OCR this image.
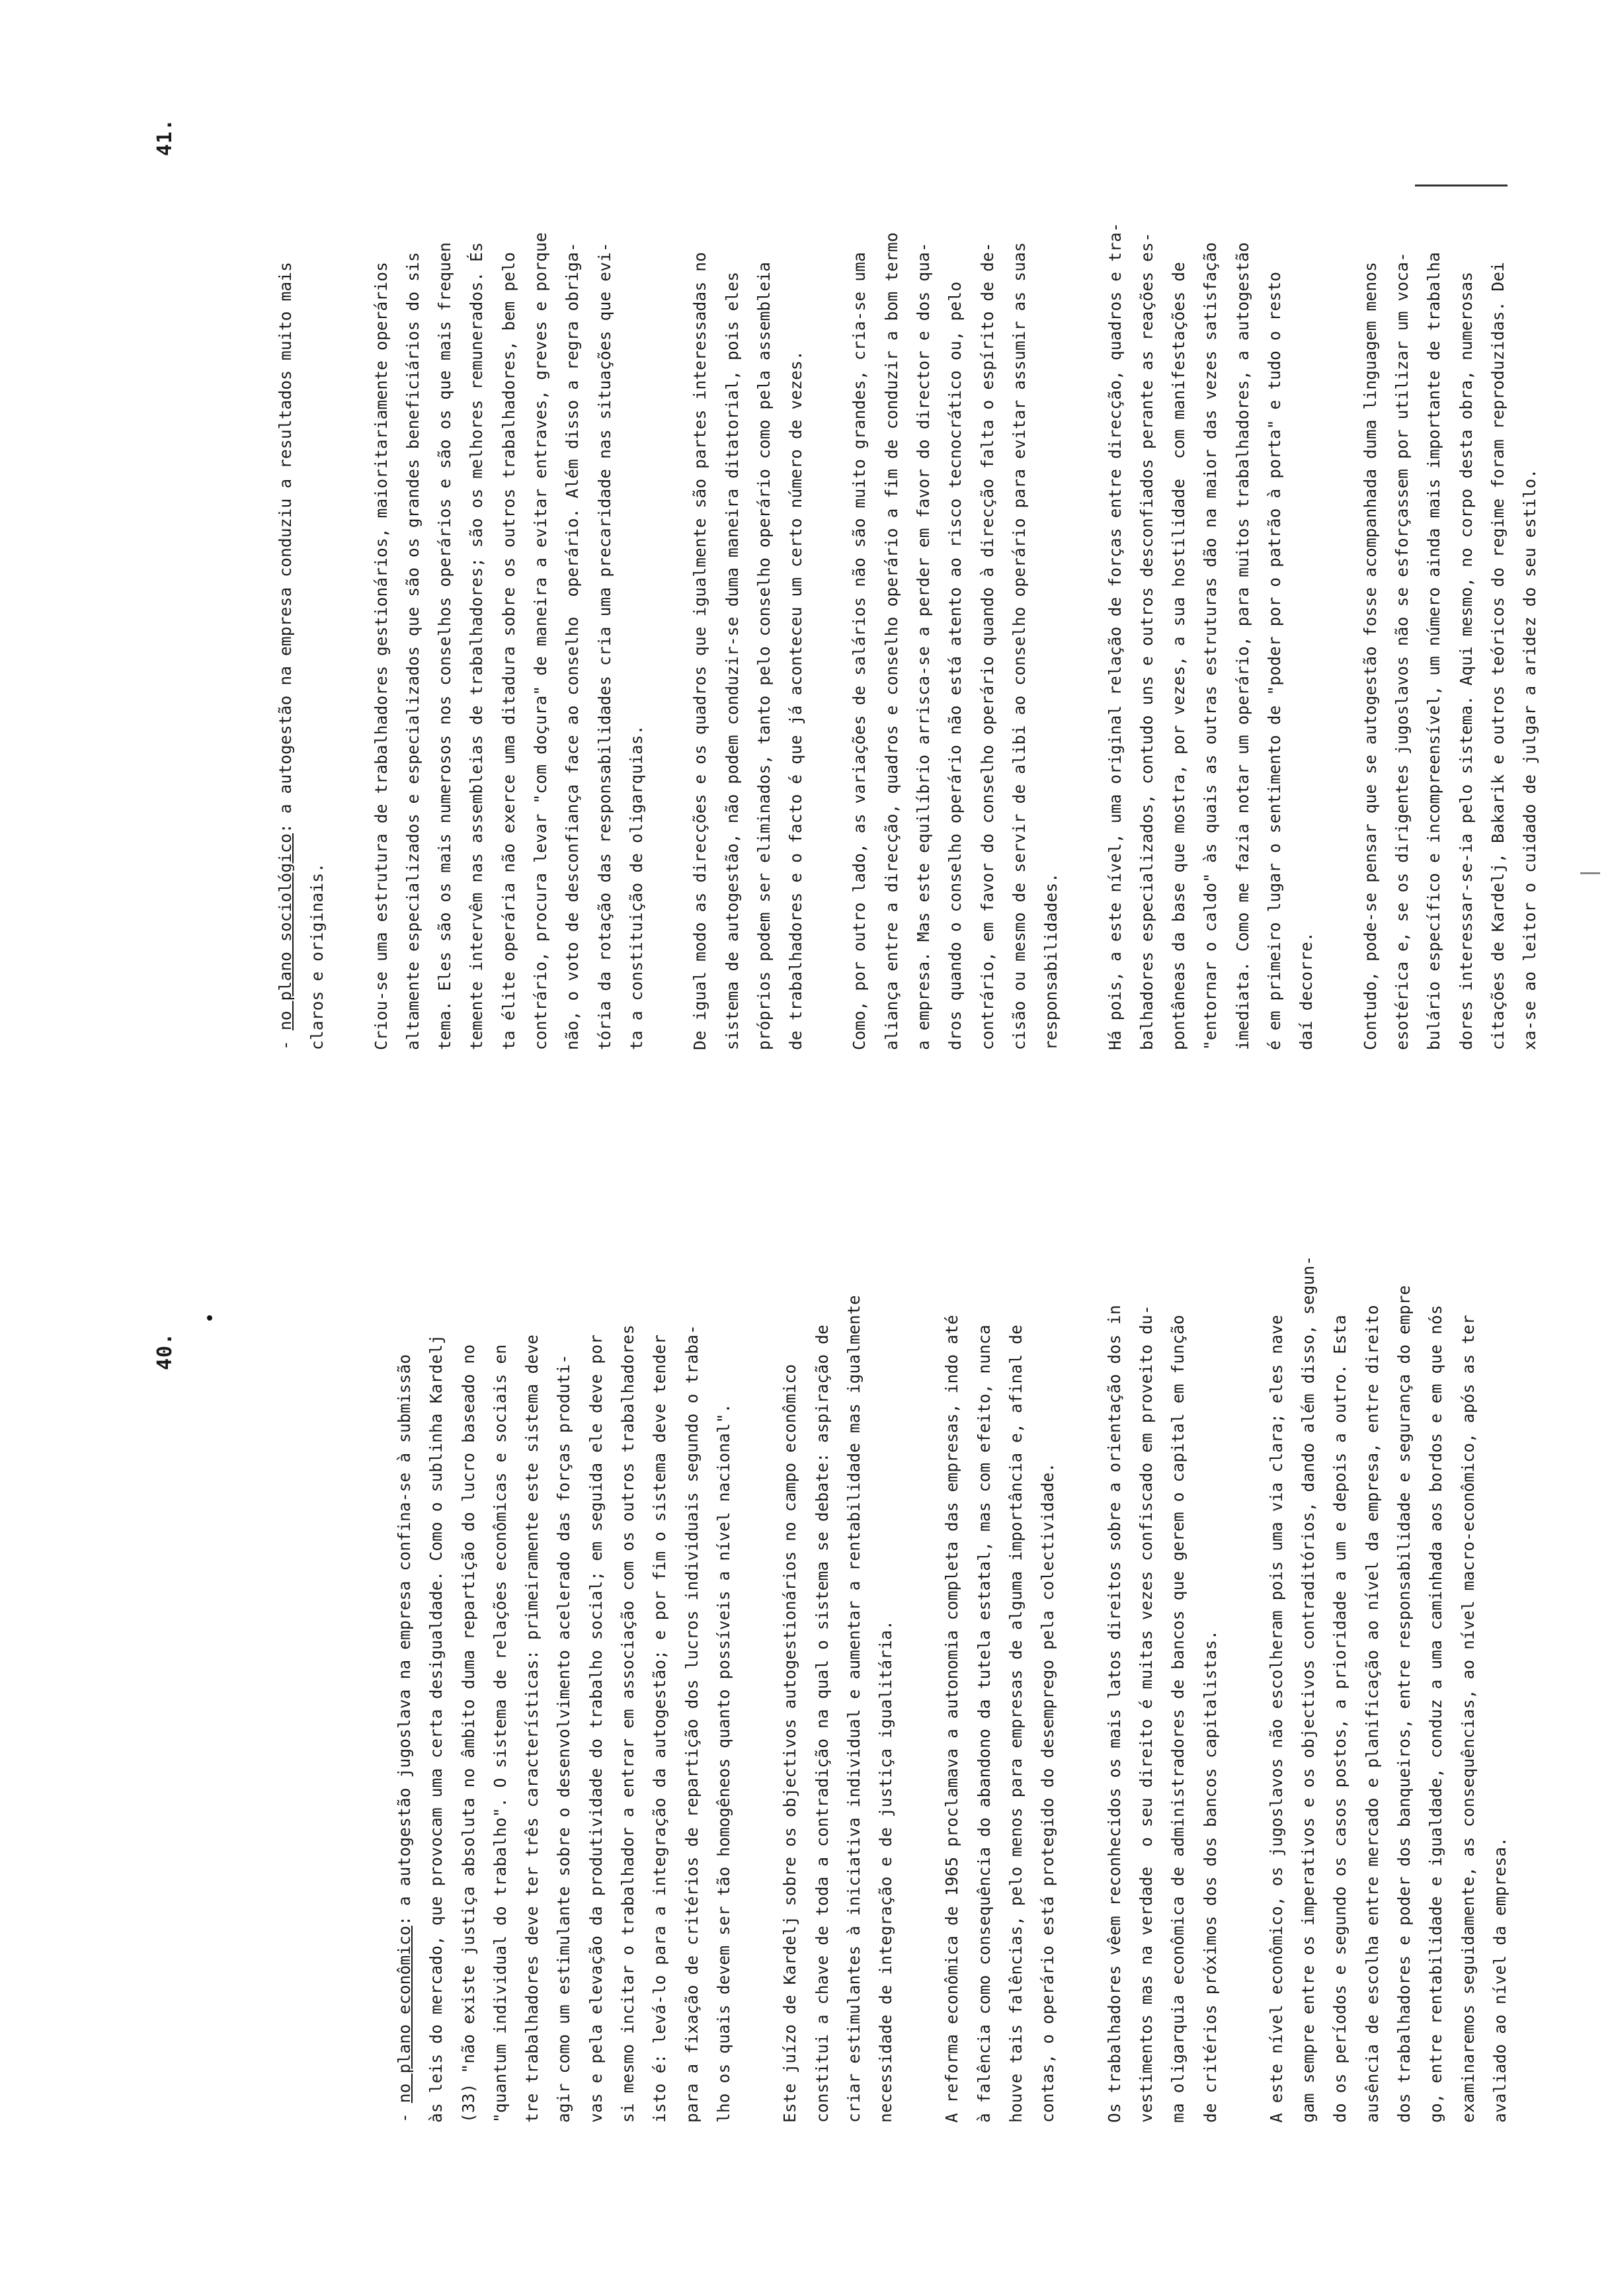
40.

- no plano econômico: a autogestão jugoslava na empresa confina-se à submissão às leis do mercado, que provocam uma certa desigualdade. Como o sublinha Kardelj (33) "não existe justiça absoluta no âmbito duma repartição do lucro baseado no "quantum individual do trabalho". O sistema de relações econômicas e sociais en tre trabalhadores deve ter três características: primeiramente este sistema deve agir como um estimulante sobre o desenvolvimento acelerado das forças produti- vas e pela elevação da produtividade do trabalho social; em seguida ele deve por si mesmo incitar o trabalhador a entrar em associação com os outros trabalhadores isto é: levá-lo para a integração da autogestão; e por fim o sistema deve tender para a fixação de critérios de repartição dos lucros individuais segundo o traba- lho os quais devem ser tão homogêneos quanto possíveis a nível nacional".	Este juízo de Kardelj sobre os objectivos autogestionários no campo econômico constitui a chave de toda a contradição na qual o sistema se debate: aspiração de criar estimulantes à iniciativa individual e aumentar a rentabilidade mas igualmente necessidade de integração e de justiça igualitária.	A reforma econômica de 1965 proclamava a autonomia completa das empresas, indo até à falência como consequência do abandono da tutela estatal, mas com efeito, nunca houve tais falências, pelo menos para empresas de alguma importância e, afinal de contas, o operário está protegido do desemprego pela colectividade.	Os trabalhadores vêem reconhecidos os mais latos direitos sobre a orientação dos in vestimentos mas na verdade  o seu direito é muitas vezes confiscado em proveito du- ma oligarquia econômica de administradores de bancos que gerem o capital em função de critérios próximos dos dos bancos capitalistas.	A este nível econômico, os jugoslavos não escolheram pois uma via clara; eles nave gam sempre entre os imperativos e os objectivos contraditórios, dando além disso, segun- do os períodos e segundo os casos postos, a prioridade a um e depois a outro. Esta ausência de escolha entre mercado e planificação ao nível da empresa, entre direito dos trabalhadores e poder dos banqueiros, entre responsabilidade e segurança do empre go, entre rentabilidade e igualdade, conduz a uma caminhada aos bordos e em que nós examinaremos seguidamente, as consequências, ao nível macro-econômico, após as ter avaliado ao nível da empresa.

41.

- no plano sociológico: a autogestão na empresa conduziu a resultados muito mais
claros e originais.	Criou-se uma estrutura de trabalhadores gestionários, maioritariamente operários altamente especializados e especializados que são os grandes beneficiários do sis tema. Eles são os mais numerosos nos conselhos operários e são os que mais frequen temente intervêm nas assembleias de trabalhadores; são os melhores remunerados. És ta élite operária não exerce uma ditadura sobre os outros trabalhadores, bem pelo contrário, procura levar "com doçura" de maneira a evitar entraves, greves e porque não, o voto de desconfiança face ao conselho  operário. Além disso a regra obriga- tória da rotação das responsabilidades cria uma precaridade nas situações que evi- ta a constituição de oligarquias.	De igual modo as direcções e os quadros que igualmente são partes interessadas no sistema de autogestão, não podem conduzir-se duma maneira ditatorial, pois eles próprios podem ser eliminados, tanto pelo conselho operário como pela assembleia de trabalhadores e o facto é que já aconteceu um certo número de vezes.	Como, por outro lado, as variações de salários não são muito grandes, cria-se uma aliança entre a direcção, quadros e conselho operário a fim de conduzir a bom termo a empresa. Mas este equilíbrio arrisca-se a perder em favor do director e dos qua- dros quando o conselho operário não está atento ao risco tecnocrático ou, pelo contrário, em favor do conselho operário quando à direcção falta o espírito de de- cisão ou mesmo de servir de alibi ao conselho operário para evitar assumir as suas responsabilidades.	Há pois, a este nível, uma original relação de forças entre direcção, quadros e tra- balhadores especializados, contudo uns e outros desconfiados perante as reações es- pontâneas da base que mostra, por vezes, a sua hostilidade  com manifestações de "entornar o caldo" às quais as outras estruturas dão na maior das vezes satisfação imediata. Como me fazia notar um operário, para muitos trabalhadores, a autogestão é em primeiro lugar o sentimento de "poder por o patrão à porta" e tudo o resto daí decorre.	Contudo, pode-se pensar que se autogestão fosse acompanhada duma linguagem menos esotérica e, se os dirigentes jugoslavos não se esforçassem por utilizar um voca- bulário específico e incompreensível, um número ainda mais importante de trabalha dores interessar-se-ia pelo sistema. Aqui mesmo, no corpo desta obra, numerosas citações de Kardelj, Bakarik e outros teóricos do regime foram reproduzidas. Dei xa-se ao leitor o cuidado de julgar a aridez do seu estilo.
